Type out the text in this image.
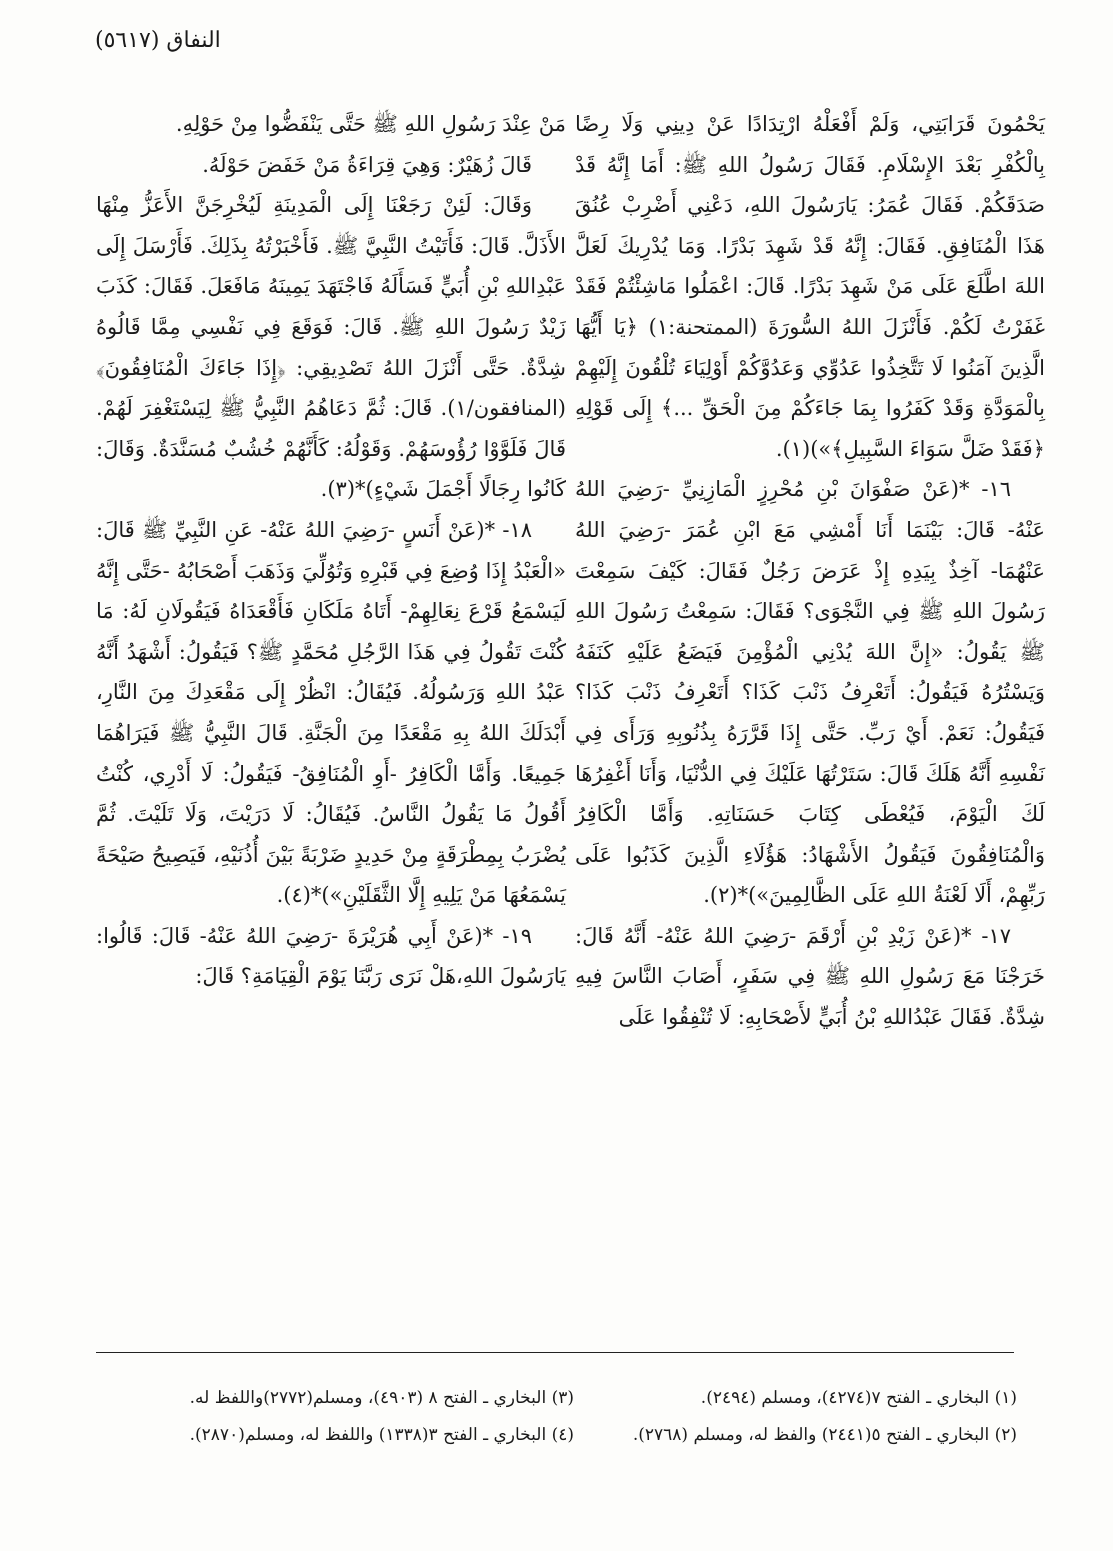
النفاق (٥٦١٧)

يَحْمُونَ قَرَابَتِي، وَلَمْ أَفْعَلْهُ ارْتِدَادًا عَنْ دِينِي وَلَا رِضًا بِالْكُفْرِ بَعْدَ الإِسْلَامِ. فَقَالَ رَسُولُ اللهِ ﷺ: أَمَا إِنَّهُ قَدْ صَدَقَكُمْ. فَقَالَ عُمَرُ: يَارَسُولَ اللهِ، دَعْنِي أَضْرِبْ عُنُقَ هَذَا الْمُنَافِقِ. فَقَالَ: إِنَّهُ قَدْ شَهِدَ بَدْرًا. وَمَا يُدْرِيكَ لَعَلَّ اللهَ اطَّلَعَ عَلَى مَنْ شَهِدَ بَدْرًا. قَالَ: اعْمَلُوا مَاشِئْتُمْ فَقَدْ غَفَرْتُ لَكُمْ. فَأَنْزَلَ اللهُ السُّورَةَ (الممتحنة:١) ﴿يَا أَيُّهَا الَّذِينَ آمَنُوا لَا تَتَّخِذُوا عَدُوِّي وَعَدُوَّكُمْ أَوْلِيَاءَ تُلْقُونَ إِلَيْهِمْ بِالْمَوَدَّةِ وَقَدْ كَفَرُوا بِمَا جَاءَكُمْ مِنَ الْحَقِّ ...﴾ إِلَى قَوْلِهِ ﴿فَقَدْ ضَلَّ سَوَاءَ السَّبِيلِ﴾»)(١).

١٦- *(عَنْ صَفْوَانَ بْنِ مُحْرِزٍ الْمَازِنِيِّ -رَضِيَ اللهُ عَنْهُ- قَالَ: بَيْنَمَا أَنَا أَمْشِي مَعَ ابْنِ عُمَرَ -رَضِيَ اللهُ عَنْهُمَا- آخِذٌ بِيَدِهِ إِذْ عَرَضَ رَجُلٌ فَقَالَ: كَيْفَ سَمِعْتَ رَسُولَ اللهِ ﷺ فِي النَّجْوَى؟ فَقَالَ: سَمِعْتُ رَسُولَ اللهِ ﷺ يَقُولُ: «إِنَّ اللهَ يُدْنِي الْمُؤْمِنَ فَيَضَعُ عَلَيْهِ كَنَفَهُ وَيَسْتُرُهُ فَيَقُولُ: أَتَعْرِفُ ذَنْبَ كَذَا؟ أَتَعْرِفُ ذَنْبَ كَذَا؟ فَيَقُولُ: نَعَمْ. أَيْ رَبِّ. حَتَّى إِذَا قَرَّرَهُ بِذُنُوبِهِ وَرَأَى فِي نَفْسِهِ أَنَّهُ هَلَكَ قَالَ: سَتَرْتُهَا عَلَيْكَ فِي الدُّنْيَا، وَأَنَا أَغْفِرُهَا لَكَ الْيَوْمَ، فَيُعْطَى كِتَابَ حَسَنَاتِهِ. وَأَمَّا الْكَافِرُ وَالْمُنَافِقُونَ فَيَقُولُ الأَشْهَادُ: هَؤُلَاءِ الَّذِينَ كَذَبُوا عَلَى رَبِّهِمْ، أَلَا لَعْنَةُ اللهِ عَلَى الظَّالِمِينَ»)*(٢).

١٧- *(عَنْ زَيْدِ بْنِ أَرْقَمَ -رَضِيَ اللهُ عَنْهُ- أَنَّهُ قَالَ: خَرَجْنَا مَعَ رَسُولِ اللهِ ﷺ فِي سَفَرٍ، أَصَابَ النَّاسَ فِيهِ شِدَّةٌ. فَقَالَ عَبْدُاللهِ بْنُ أُبَيٍّ لأَصْحَابِهِ: لَا تُنْفِقُوا عَلَى

مَنْ عِنْدَ رَسُولِ اللهِ ﷺ حَتَّى يَنْفَضُّوا مِنْ حَوْلِهِ.

قَالَ زُهَيْرٌ: وَهِيَ قِرَاءَةُ مَنْ خَفَضَ حَوْلَهُ.

وَقَالَ: لَئِنْ رَجَعْنَا إِلَى الْمَدِينَةِ لَيُخْرِجَنَّ الأَعَزُّ مِنْهَا الأَذَلَّ. قَالَ: فَأَتَيْتُ النَّبِيَّ ﷺ. فَأَخْبَرْتُهُ بِذَلِكَ. فَأَرْسَلَ إِلَى عَبْدِاللهِ بْنِ أُبَيٍّ فَسَأَلَهُ فَاجْتَهَدَ يَمِينَهُ مَافَعَلَ. فَقَالَ: كَذَبَ زَيْدٌ رَسُولَ اللهِ ﷺ. قَالَ: فَوَقَعَ فِي نَفْسِي مِمَّا قَالُوهُ شِدَّةٌ. حَتَّى أَنْزَلَ اللهُ تَصْدِيقِي: ﴿إِذَا جَاءَكَ الْمُنَافِقُونَ﴾ (المنافقون/١). قَالَ: ثُمَّ دَعَاهُمُ النَّبِيُّ ﷺ لِيَسْتَغْفِرَ لَهُمْ. قَالَ فَلَوَّوْا رُؤُوسَهُمْ. وَقَوْلُهُ: كَأَنَّهُمْ خُشُبٌ مُسَنَّدَةٌ. وَقَالَ: كَانُوا رِجَالًا أَجْمَلَ شَيْءٍ)*(٣).

١٨- *(عَنْ أَنَسٍ -رَضِيَ اللهُ عَنْهُ- عَنِ النَّبِيِّ ﷺ قَالَ: «الْعَبْدُ إِذَا وُضِعَ فِي قَبْرِهِ وَتُوُلِّيَ وَذَهَبَ أَصْحَابُهُ -حَتَّى إِنَّهُ لَيَسْمَعُ قَرْعَ نِعَالِهِمْ- أَتَاهُ مَلَكَانِ فَأَقْعَدَاهُ فَيَقُولَانِ لَهُ: مَا كُنْتَ تَقُولُ فِي هَذَا الرَّجُلِ مُحَمَّدٍ ﷺ؟ فَيَقُولُ: أَشْهَدُ أَنَّهُ عَبْدُ اللهِ وَرَسُولُهُ. فَيُقَالُ: انْظُرْ إِلَى مَقْعَدِكَ مِنَ النَّارِ، أَبْدَلَكَ اللهُ بِهِ مَقْعَدًا مِنَ الْجَنَّةِ. قَالَ النَّبِيُّ ﷺ فَيَرَاهُمَا جَمِيعًا. وَأَمَّا الْكَافِرُ -أَوِ الْمُنَافِقُ- فَيَقُولُ: لَا أَدْرِي، كُنْتُ أَقُولُ مَا يَقُولُ النَّاسُ. فَيُقَالُ: لَا دَرَيْتَ، وَلَا تَلَيْتَ. ثُمَّ يُضْرَبُ بِمِطْرَقَةٍ مِنْ حَدِيدٍ ضَرْبَةً بَيْنَ أُذُنَيْهِ، فَيَصِيحُ صَيْحَةً يَسْمَعُهَا مَنْ يَلِيهِ إِلَّا الثَّقَلَيْنِ»)*(٤).

١٩- *(عَنْ أَبِي هُرَيْرَةَ -رَضِيَ اللهُ عَنْهُ- قَالَ: قَالُوا: يَارَسُولَ اللهِ،هَلْ نَرَى رَبَّنَا يَوْمَ الْقِيَامَةِ؟ قَالَ:

(١) البخاري ـ الفتح ٧(٤٢٧٤)، ومسلم (٢٤٩٤).

(٢) البخاري ـ الفتح ٥(٢٤٤١) والفظ له، ومسلم (٢٧٦٨).

(٣) البخاري ـ الفتح ٨ (٤٩٠٣)، ومسلم(٢٧٧٢)واللفظ له.

(٤) البخاري ـ الفتح ٣(١٣٣٨) واللفظ له، ومسلم(٢٨٧٠).
